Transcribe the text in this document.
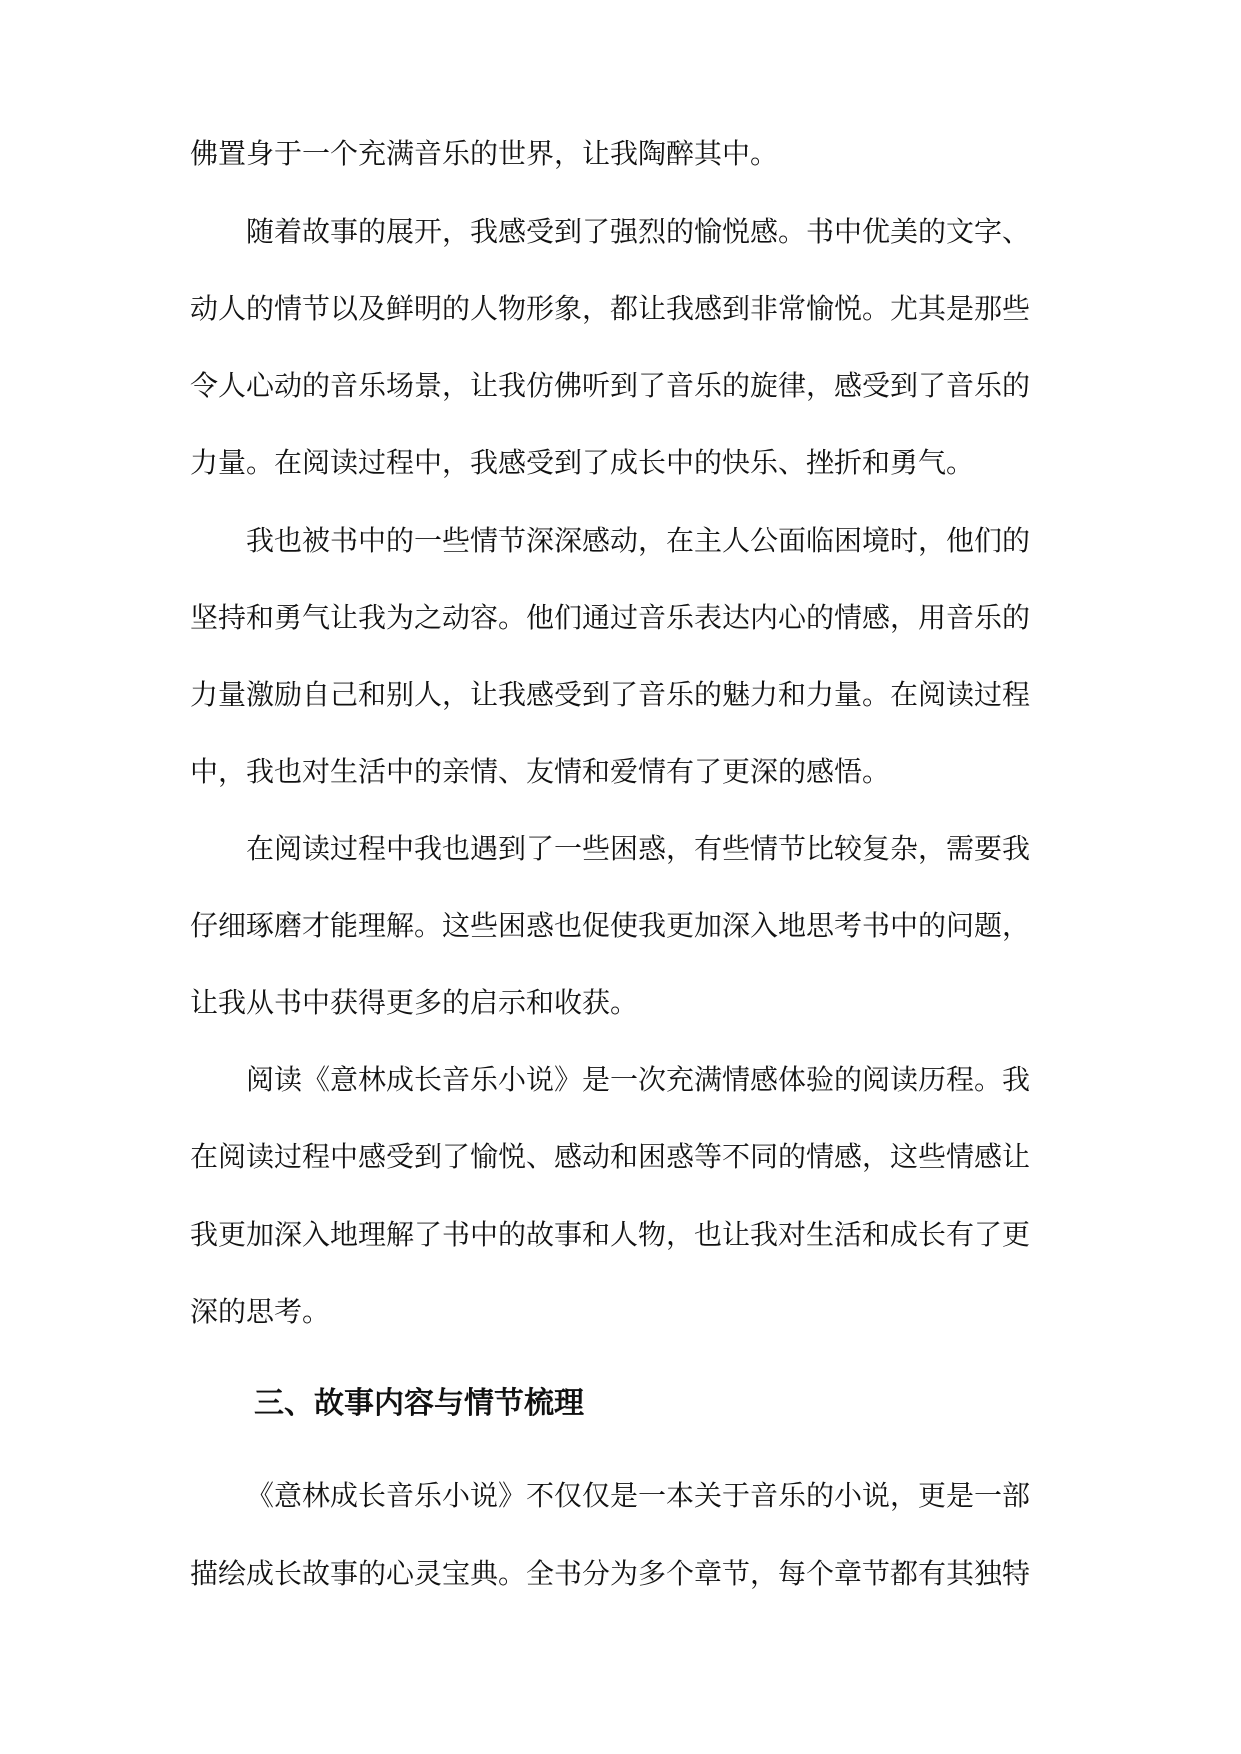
佛置身于一个充满音乐的世界，让我陶醉其中。
随着故事的展开，我感受到了强烈的愉悦感。书中优美的文字、
动人的情节以及鲜明的人物形象，都让我感到非常愉悦。尤其是那些
令人心动的音乐场景，让我仿佛听到了音乐的旋律，感受到了音乐的
力量。在阅读过程中，我感受到了成长中的快乐、挫折和勇气。
我也被书中的一些情节深深感动，在主人公面临困境时，他们的
坚持和勇气让我为之动容。他们通过音乐表达内心的情感，用音乐的
力量激励自己和别人，让我感受到了音乐的魅力和力量。在阅读过程
中，我也对生活中的亲情、友情和爱情有了更深的感悟。
在阅读过程中我也遇到了一些困惑，有些情节比较复杂，需要我
仔细琢磨才能理解。这些困惑也促使我更加深入地思考书中的问题，
让我从书中获得更多的启示和收获。
阅读《意林成长音乐小说》是一次充满情感体验的阅读历程。我
在阅读过程中感受到了愉悦、感动和困惑等不同的情感，这些情感让
我更加深入地理解了书中的故事和人物，也让我对生活和成长有了更
深的思考。
三、故事内容与情节梳理
《意林成长音乐小说》不仅仅是一本关于音乐的小说，更是一部
描绘成长故事的心灵宝典。全书分为多个章节，每个章节都有其独特
